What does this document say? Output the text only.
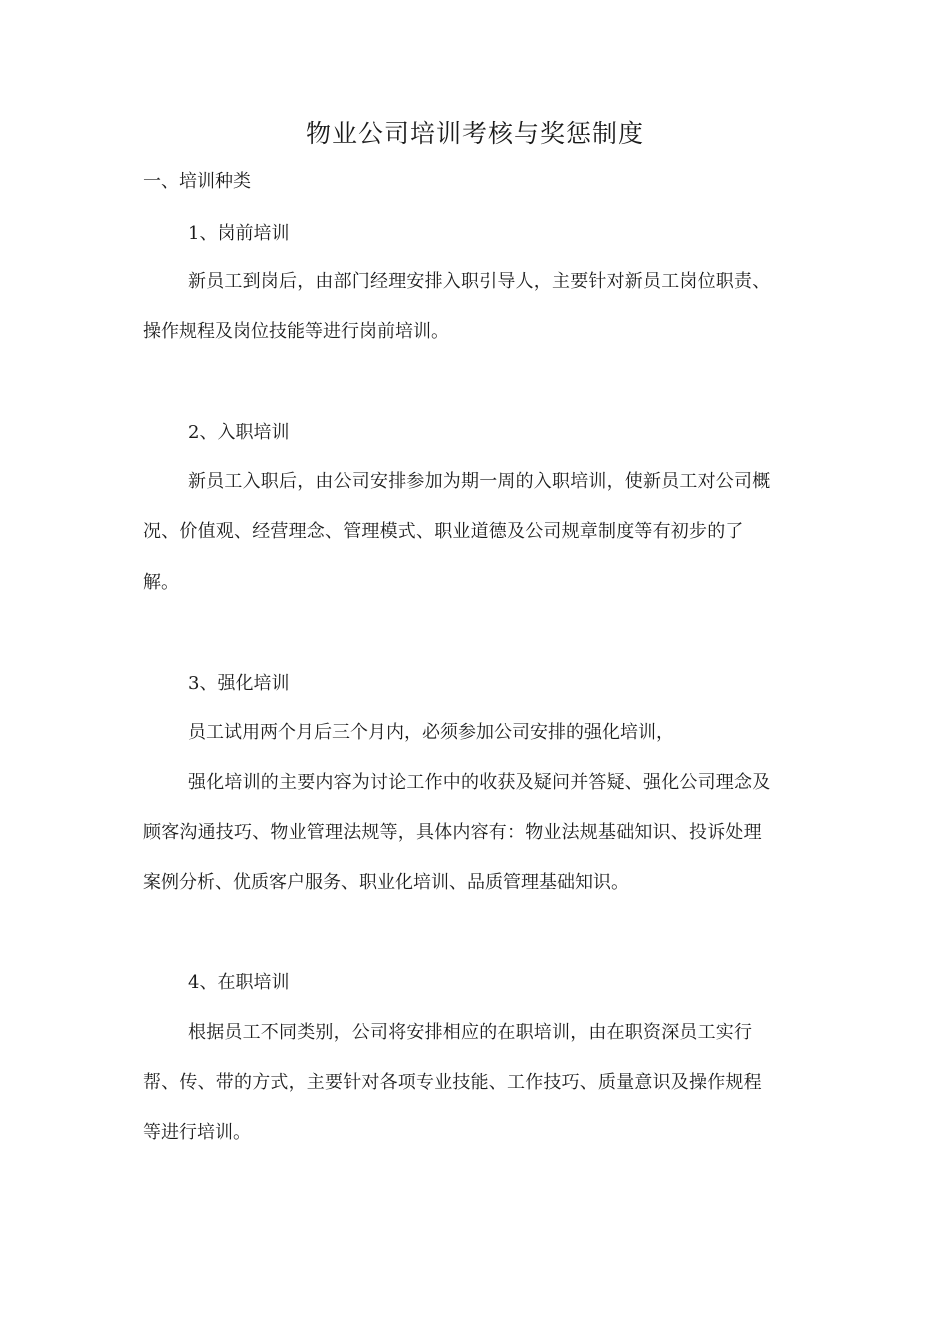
物业公司培训考核与奖惩制度
一、培训种类
1、岗前培训
新员工到岗后，由部门经理安排入职引导人，主要针对新员工岗位职责、
操作规程及岗位技能等进行岗前培训。
2、入职培训
新员工入职后，由公司安排参加为期一周的入职培训，使新员工对公司概
况、价值观、经营理念、管理模式、职业道德及公司规章制度等有初步的了
解。
3、强化培训
员工试用两个月后三个月内，必须参加公司安排的强化培训，
强化培训的主要内容为讨论工作中的收获及疑问并答疑、强化公司理念及
顾客沟通技巧、物业管理法规等，具体内容有：物业法规基础知识、投诉处理
案例分析、优质客户服务、职业化培训、品质管理基础知识。
4、在职培训
根据员工不同类别，公司将安排相应的在职培训，由在职资深员工实行
帮、传、带的方式，主要针对各项专业技能、工作技巧、质量意识及操作规程
等进行培训。
